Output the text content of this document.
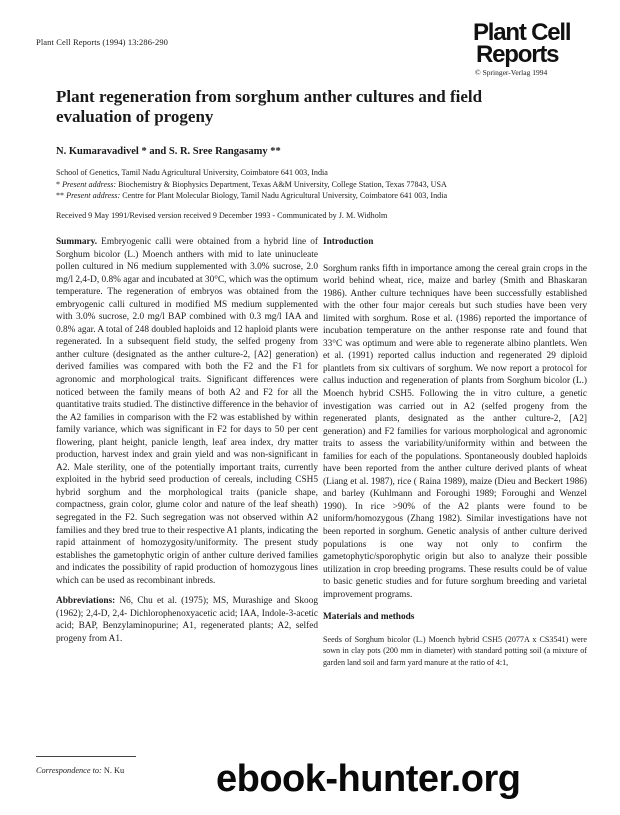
Plant Cell Reports (1994) 13:286-290	Plant Cell
Reports
© Springer-Verlag 1994
Plant regeneration from sorghum anther cultures and field evaluation of progeny
N. Kumaravadivel * and S. R. Sree Rangasamy **
School of Genetics, Tamil Nadu Agricultural University, Coimbatore 641 003, India
* Present address: Biochemistry & Biophysics Department, Texas A&M University, College Station, Texas 77843, USA
** Present address: Centre for Plant Molecular Biology, Tamil Nadu Agricultural University, Coimbatore 641 003, India
Received 9 May 1991/Revised version received 9 December 1993 - Communicated by J. M. Widholm

Summary. Embryogenic calli were obtained from a hybrid line of Sorghum bicolor (L.) Moench anthers with mid to late uninucleate pollen cultured in N6 medium supplemented with 3.0% sucrose, 2.0 mg/l 2,4-D, 0.8% agar and incubated at 30°C, which was the optimum temperature. The regeneration of embryos was obtained from the embryogenic calli cultured in modified MS medium supplemented with 3.0% sucrose, 2.0 mg/l BAP combined with 0.3 mg/l IAA and 0.8% agar. A total of 248 doubled haploids and 12 haploid plants were regenerated. In a subsequent field study, the selfed progeny from anther culture (designated as the anther culture-2, [A2] generation) derived families was compared with both the F2 and the F1 for agronomic and morphological traits. Significant differences were noticed between the family means of both A2 and F2 for all the quantitative traits studied. The distinctive difference in the behavior of the A2 families in comparison with the F2 was established by within family variance, which was significant in F2 for days to 50 per cent flowering, plant height, panicle length, leaf area index, dry matter production, harvest index and grain yield and was non-significant in A2. Male sterility, one of the potentially important traits, currently exploited in the hybrid seed production of cereals, including CSH5 hybrid sorghum and the morphological traits (panicle shape, compactness, grain color, glume color and nature of the leaf sheath) segregated in the F2. Such segregation was not observed within A2 families and they bred true to their respective A1 plants, indicating the rapid attainment of homozygosity/uniformity. The present study establishes the gametophytic origin of anther culture derived families and indicates the possibility of rapid production of homozygous lines which can be used as recombinant inbreds.

Abbreviations: N6, Chu et al. (1975); MS, Murashige and Skoog (1962); 2,4-D, 2,4- Dichlorophenoxyacetic acid; IAA, Indole-3-acetic acid; BAP, Benzylaminopurine; A1, regenerated plants; A2, selfed progeny from A1.

Introduction

Sorghum ranks fifth in importance among the cereal grain crops in the world behind wheat, rice, maize and barley (Smith and Bhaskaran 1986). Anther culture techniques have been successfully established with the other four major cereals but such studies have been very limited with sorghum. Rose et al. (1986) reported the importance of incubation temperature on the anther response rate and found that 33°C was optimum and were able to regenerate albino plantlets. Wen et al. (1991) reported callus induction and regenerated 29 diploid plantlets from six cultivars of sorghum. We now report a protocol for callus induction and regeneration of plants from Sorghum bicolor (L.) Moench hybrid CSH5. Following the in vitro culture, a genetic investigation was carried out in A2 (selfed progeny from the regenerated plants, designated as the anther culture-2, [A2] generation) and F2 families for various morphological and agronomic traits to assess the variability/uniformity within and between the families for each of the populations. Spontaneously doubled haploids have been reported from the anther culture derived plants of wheat (Liang et al. 1987), rice ( Raina 1989), maize (Dieu and Beckert 1986) and barley (Kuhlmann and Foroughi 1989; Foroughi and Wenzel 1990). In rice >90% of the A2 plants were found to be uniform/homozygous (Zhang 1982). Similar investigations have not been reported in sorghum. Genetic analysis of anther culture derived populations is one way not only to confirm the gametophytic/sporophytic origin but also to analyze their possible utilization in crop breeding programs. These results could be of value to basic genetic studies and for future sorghum breeding and varietal improvement programs.

Materials and methods

Seeds of Sorghum bicolor (L.) Moench hybrid CSH5 (2077A x CS3541) were sown in clay pots (200 mm in diameter) with standard potting soil (a mixture of garden land soil and farm yard manure at the ratio of 4:1,

Correspondence to: N. Ku ebook-hunter.org
